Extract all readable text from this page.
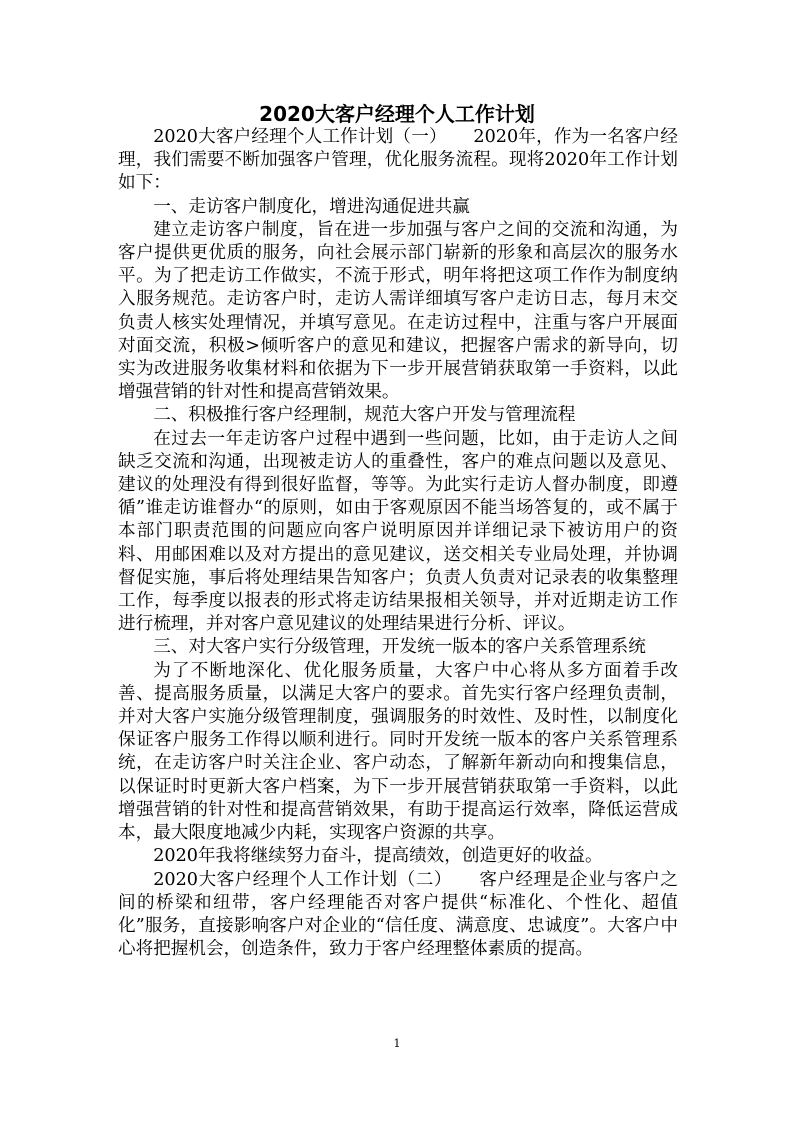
2020大客户经理个人工作计划

2020大客户经理个人工作计划（一）　　2020年，作为一名客户经理，我们需要不断加强客户管理，优化服务流程。现将2020年工作计划如下：

一、走访客户制度化，增进沟通促进共赢

建立走访客户制度，旨在进一步加强与客户之间的交流和沟通，为客户提供更优质的服务，向社会展示部门崭新的形象和高层次的服务水平。为了把走访工作做实，不流于形式，明年将把这项工作作为制度纳入服务规范。走访客户时，走访人需详细填写客户走访日志，每月末交负责人核实处理情况，并填写意见。在走访过程中，注重与客户开展面对面交流，积极>倾听客户的意见和建议，把握客户需求的新导向，切实为改进服务收集材料和依据为下一步开展营销获取第一手资料，以此增强营销的针对性和提高营销效果。

二、积极推行客户经理制，规范大客户开发与管理流程

在过去一年走访客户过程中遇到一些问题，比如，由于走访人之间缺乏交流和沟通，出现被走访人的重叠性，客户的难点问题以及意见、建议的处理没有得到很好监督，等等。为此实行走访人督办制度，即遵循”谁走访谁督办“的原则，如由于客观原因不能当场答复的，或不属于本部门职责范围的问题应向客户说明原因并详细记录下被访用户的资料、用邮困难以及对方提出的意见建议，送交相关专业局处理，并协调督促实施，事后将处理结果告知客户；负责人负责对记录表的收集整理工作，每季度以报表的形式将走访结果报相关领导，并对近期走访工作进行梳理，并对客户意见建议的处理结果进行分析、评议。

三、对大客户实行分级管理，开发统一版本的客户关系管理系统

为了不断地深化、优化服务质量，大客户中心将从多方面着手改善、提高服务质量，以满足大客户的要求。首先实行客户经理负责制，并对大客户实施分级管理制度，强调服务的时效性、及时性，以制度化保证客户服务工作得以顺利进行。同时开发统一版本的客户关系管理系统，在走访客户时关注企业、客户动态，了解新年新动向和搜集信息，以保证时时更新大客户档案，为下一步开展营销获取第一手资料，以此增强营销的针对性和提高营销效果，有助于提高运行效率，降低运营成本，最大限度地减少内耗，实现客户资源的共享。

2020年我将继续努力奋斗，提高绩效，创造更好的收益。

2020大客户经理个人工作计划（二）　　客户经理是企业与客户之间的桥梁和纽带，客户经理能否对客户提供“标准化、个性化、超值化”服务，直接影响客户对企业的“信任度、满意度、忠诚度”。大客户中心将把握机会，创造条件，致力于客户经理整体素质的提高。

1
